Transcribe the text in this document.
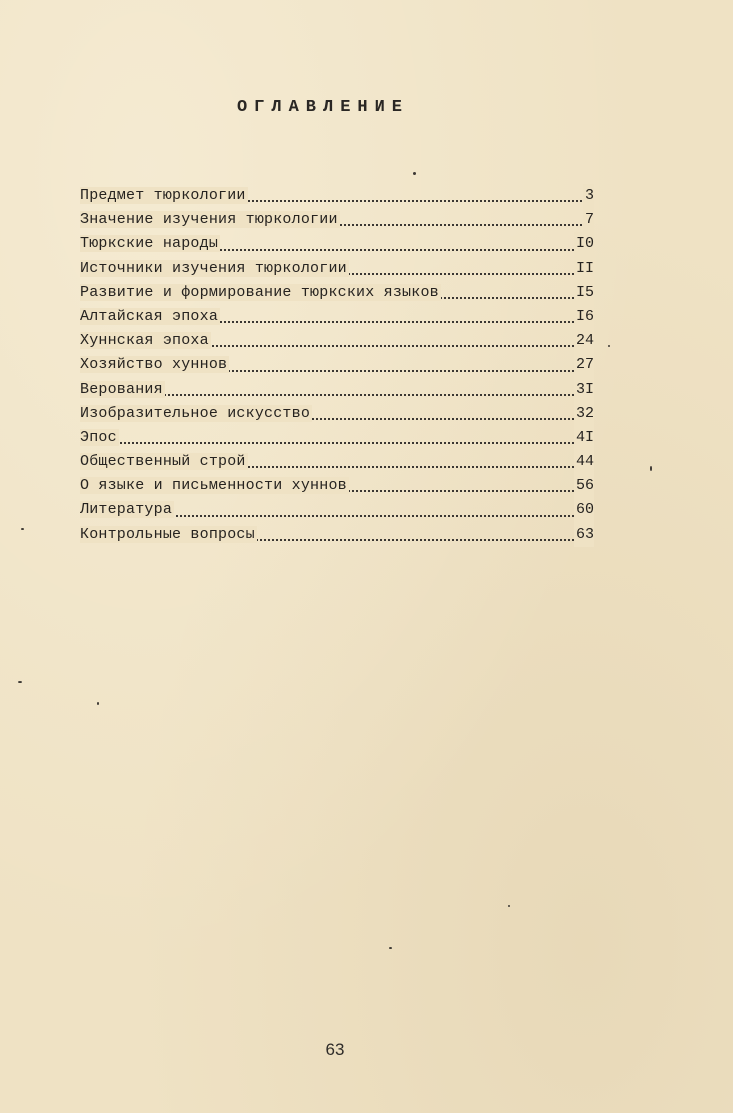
ОГЛАВЛЕНИЕ
Предмет тюркологии	3
Значение изучения тюркологии	7
Тюркские народы	I0
Источники изучения тюркологии	II
Развитие и формирование тюркских языков	I5
Алтайская эпоха	I6
Хуннская эпоха	24
Хозяйство хуннов	27
Верования	3I
Изобразительное искусство	32
Эпос	4I
Общественный строй	44
О языке и письменности хуннов	56
Литература	60
Контрольные вопросы	63
63
